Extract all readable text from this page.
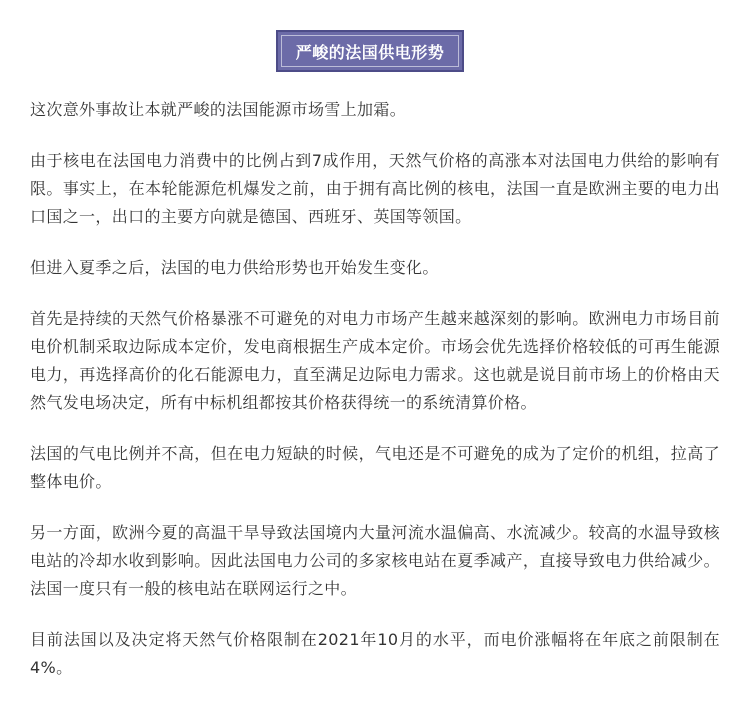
严峻的法国供电形势

这次意外事故让本就严峻的法国能源市场雪上加霜。

由于核电在法国电力消费中的比例占到7成作用，天然气价格的高涨本对法国电力供给的影响有限。事实上，在本轮能源危机爆发之前，由于拥有高比例的核电，法国一直是欧洲主要的电力出口国之一，出口的主要方向就是德国、西班牙、英国等领国。

但进入夏季之后，法国的电力供给形势也开始发生变化。

首先是持续的天然气价格暴涨不可避免的对电力市场产生越来越深刻的影响。欧洲电力市场目前电价机制采取边际成本定价，发电商根据生产成本定价。市场会优先选择价格较低的可再生能源电力，再选择高价的化石能源电力，直至满足边际电力需求。这也就是说目前市场上的价格由天然气发电场决定，所有中标机组都按其价格获得统一的系统清算价格。

法国的气电比例并不高，但在电力短缺的时候，气电还是不可避免的成为了定价的机组，拉高了整体电价。

另一方面，欧洲今夏的高温干旱导致法国境内大量河流水温偏高、水流减少。较高的水温导致核电站的冷却水收到影响。因此法国电力公司的多家核电站在夏季减产，直接导致电力供给减少。法国一度只有一般的核电站在联网运行之中。

目前法国以及决定将天然气价格限制在2021年10月的水平，而电价涨幅将在年底之前限制在4%。
